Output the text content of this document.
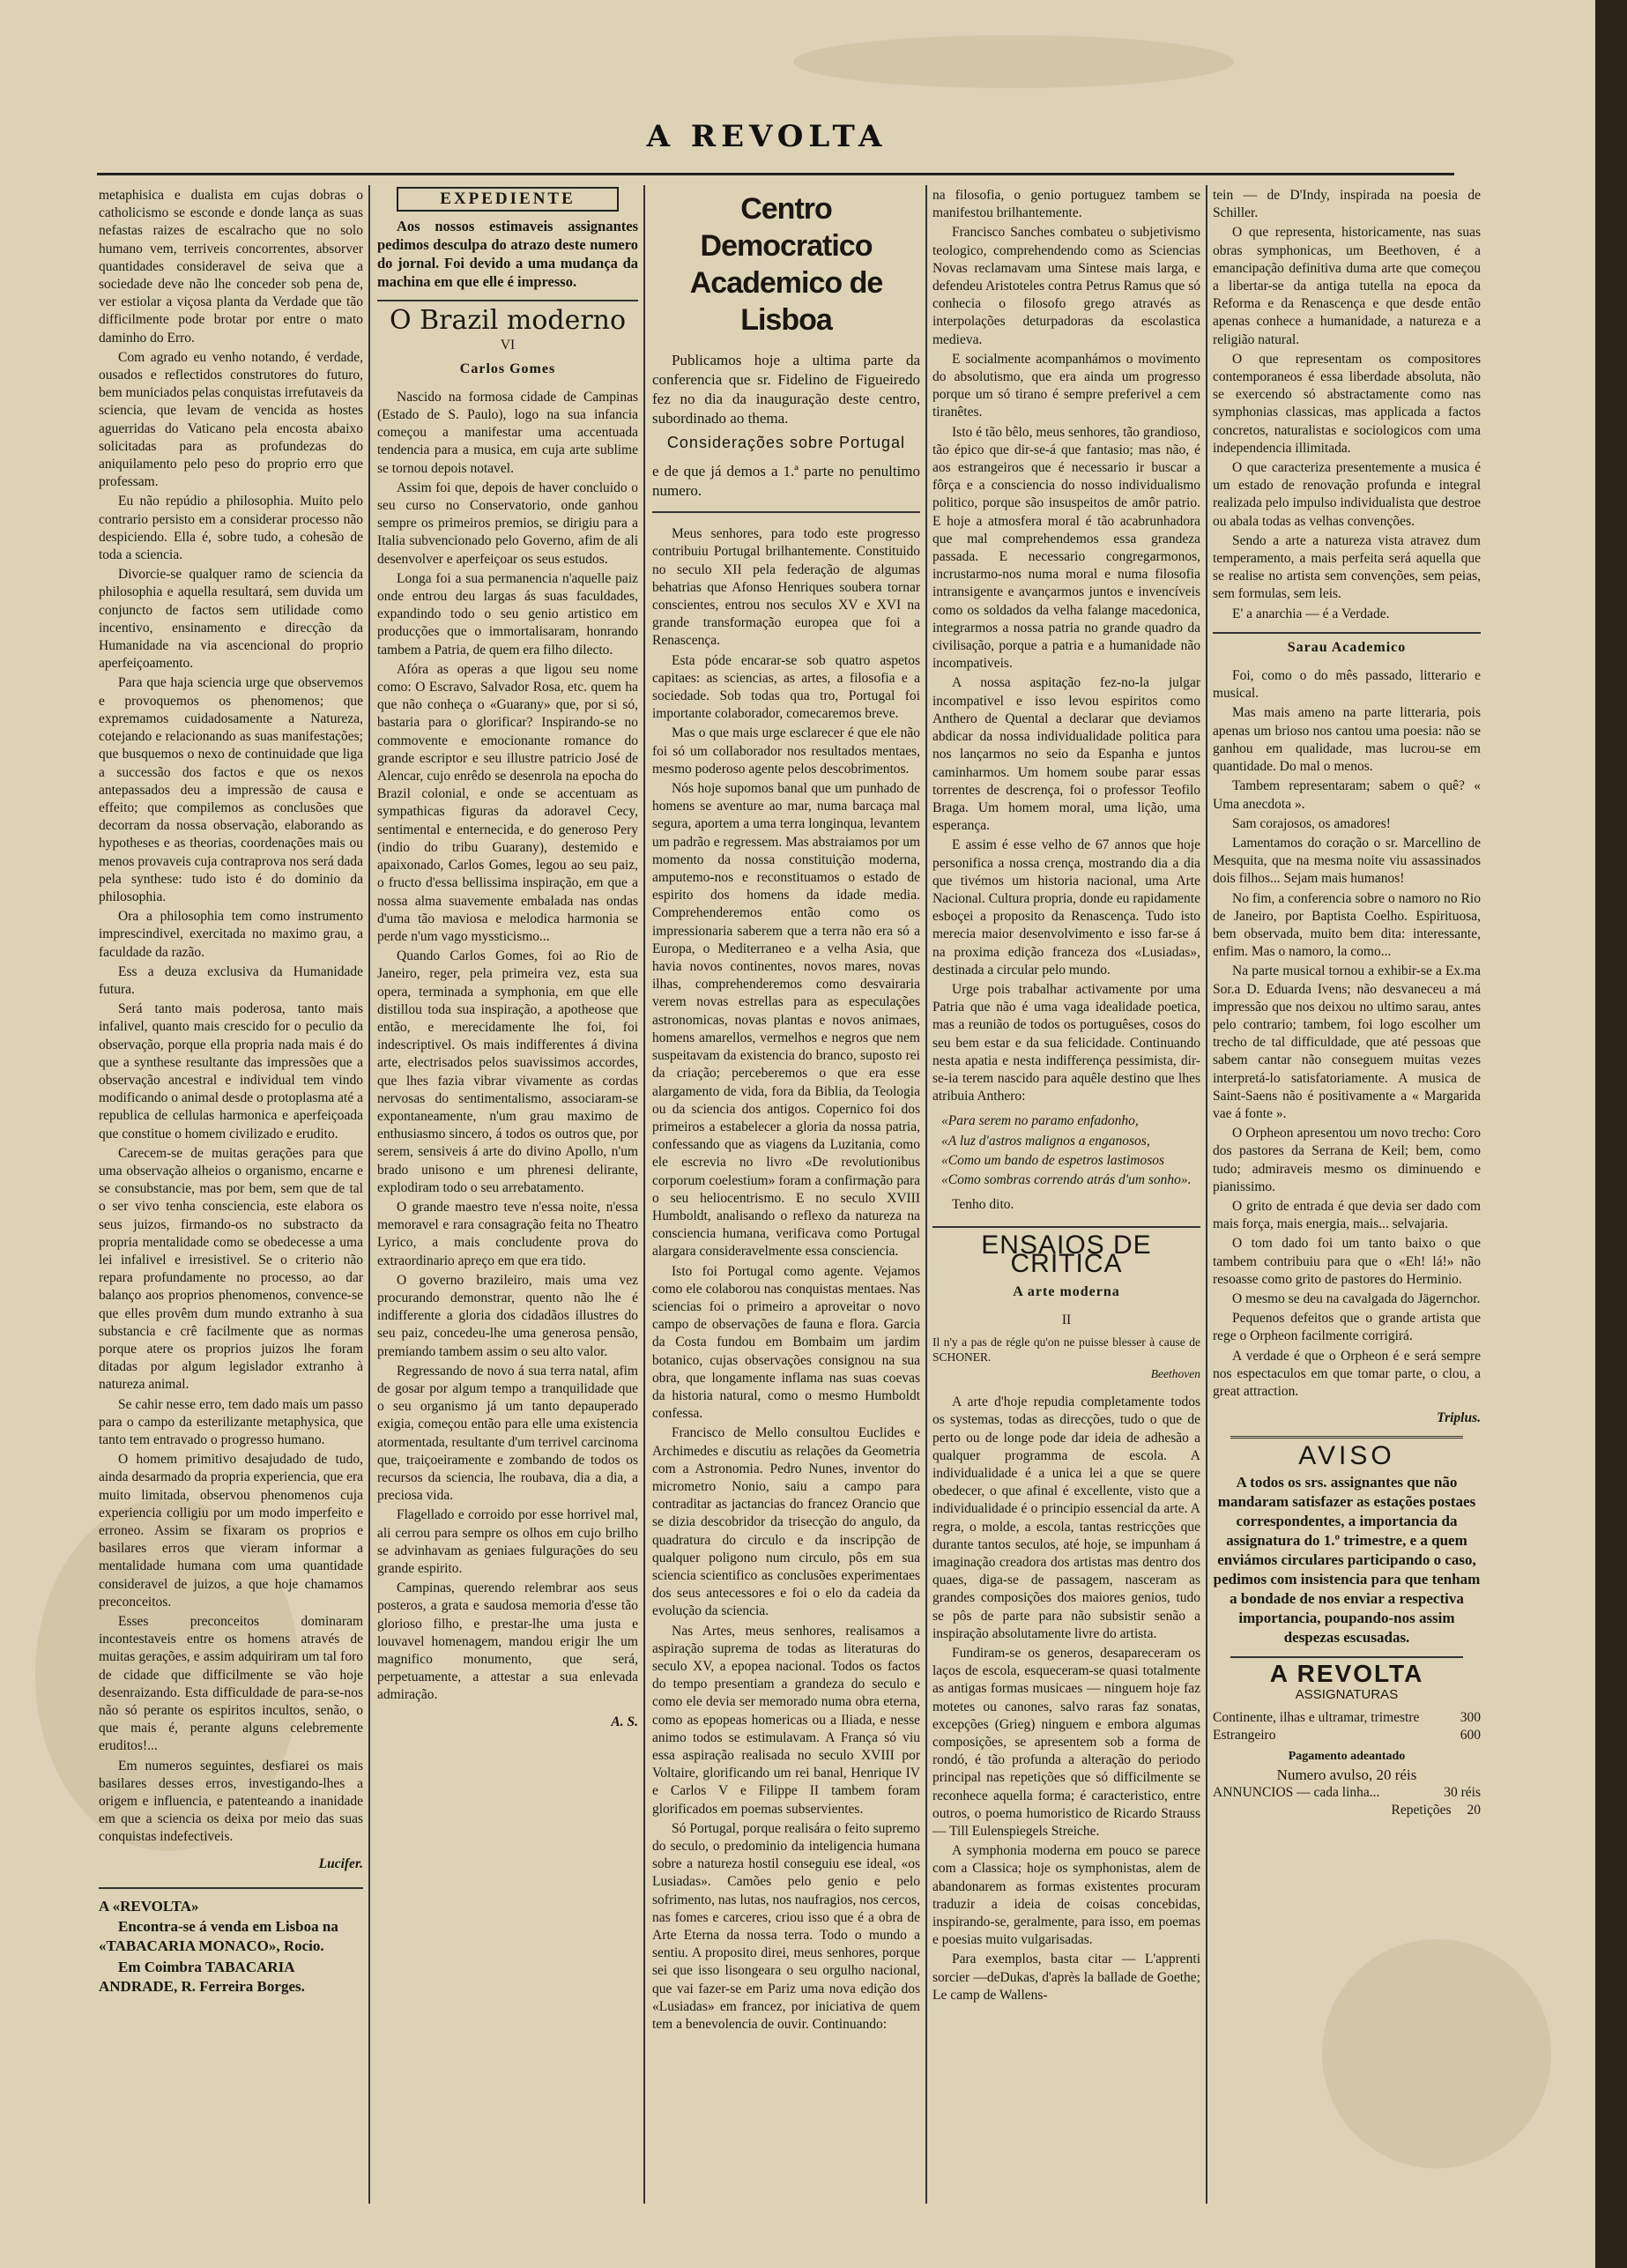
A REVOLTA

metaphisica e dualista em cujas dobras o catholicismo se esconde e donde lança as suas nefastas raizes de escalracho que no solo humano vem, terriveis concorrentes, absorver quantidades consideravel de seiva que a sociedade deve não lhe conceder sob pena de, ver estiolar a viçosa planta da Verdade que tão difficilmente pode brotar por entre o mato daminho do Erro.

Com agrado eu venho notando, é verdade, ousados e reflectidos construtores do futuro, bem municiados pelas conquistas irrefutaveis da sciencia, que levam de vencida as hostes aguerridas do Vaticano pela encosta abaixo solicitadas para as profundezas do aniquilamento pelo peso do proprio erro que professam.

Eu não repúdio a philosophia. Muito pelo contrario persisto em a considerar processo não despiciendo. Ella é, sobre tudo, a cohesão de toda a sciencia.

Divorcie-se qualquer ramo de sciencia da philosophia e aquella resultará, sem duvida um conjuncto de factos sem utilidade como incentivo, ensinamento e direcção da Humanidade na via ascencional do proprio aperfeiçoamento.

Para que haja sciencia urge que observemos e provoquemos os phenomenos; que expremamos cuidadosamente a Natureza, cotejando e relacionando as suas manifestações; que busquemos o nexo de continuidade que liga a successão dos factos e que os nexos antepassados deu a impressão de causa e effeito; que compilemos as conclusões que decorram da nossa observação, elaborando as hypotheses e as theorias, coordenações mais ou menos provaveis cuja contraprova nos será dada pela synthese: tudo isto é do dominio da philosophia.

Ora a philosophia tem como instrumento imprescindivel, exercitada no maximo grau, a faculdade da razão.

Ess a deuza exclusiva da Humanidade futura.

Será tanto mais poderosa, tanto mais infalivel, quanto mais crescido for o peculio da observação, porque ella propria nada mais é do que a synthese resultante das impressões que a observação ancestral e individual tem vindo modificando o animal desde o protoplasma até a republica de cellulas harmonica e aperfeiçoada que constitue o homem civilizado e erudito.

Carecem-se de muitas gerações para que uma observação alheios o organismo, encarne e se consubstancie, mas por bem, sem que de tal o ser vivo tenha consciencia, este elabora os seus juizos, firmando-os no substracto da propria mentalidade como se obedecesse a uma lei infalivel e irresistivel. Se o criterio não repara profundamente no processo, ao dar balanço aos proprios phenomenos, convence-se que elles provêm dum mundo extranho à sua substancia e crê facilmente que as normas porque atere os proprios juizos lhe foram ditadas por algum legislador extranho à natureza animal.

Se cahir nesse erro, tem dado mais um passo para o campo da esterilizante metaphysica, que tanto tem entravado o progresso humano.

O homem primitivo desajudado de tudo, ainda desarmado da propria experiencia, que era muito limitada, observou phenomenos cuja experiencia colligiu por um modo imperfeito e erroneo. Assim se fixaram os proprios e basilares erros que vieram informar a mentalidade humana com uma quantidade consideravel de juizos, a que hoje chamamos preconceitos.

Esses preconceitos dominaram incontestaveis entre os homens através de muitas gerações, e assim adquiriram um tal foro de cidade que difficilmente se vão hoje desenraizando. Esta difficuldade de para-se-nos não só perante os espiritos incultos, senão, o que mais é, perante alguns celebremente eruditos!...

Em numeros seguintes, desfiarei os mais basilares desses erros, investigando-lhes a origem e influencia, e patenteando a inanidade em que a sciencia os deixa por meio das suas conquistas indefectiveis.

Lucifer.

A «REVOLTA»

Encontra-se á venda em Lisboa na «TABACARIA MONACO», Rocio.

Em Coimbra TABACARIA ANDRADE, R. Ferreira Borges.

EXPEDIENTE

Aos nossos estimaveis assignantes pedimos desculpa do atrazo deste numero do jornal. Foi devido a uma mudança da machina em que elle é impresso.

O Brazil moderno
VI
Carlos Gomes

Nascido na formosa cidade de Campinas (Estado de S. Paulo), logo na sua infancia começou a manifestar uma accentuada tendencia para a musica, em cuja arte sublime se tornou depois notavel.

Assim foi que, depois de haver concluido o seu curso no Conservatorio, onde ganhou sempre os primeiros premios, se dirigiu para a Italia subvencionado pelo Governo, afim de ali desenvolver e aperfeiçoar os seus estudos.

Longa foi a sua permanencia n'aquelle paiz onde entrou deu largas ás suas faculdades, expandindo todo o seu genio artistico em producções que o immortalisaram, honrando tambem a Patria, de quem era filho dilecto.

Afóra as operas a que ligou seu nome como: O Escravo, Salvador Rosa, etc. quem ha que não conheça o «Guarany» que, por si só, bastaria para o glorificar? Inspirando-se no commovente e emocionante romance do grande escriptor e seu illustre patricio José de Alencar, cujo enrêdo se desenrola na epocha do Brazil colonial, e onde se accentuam as sympathicas figuras da adoravel Cecy, sentimental e enternecida, e do generoso Pery (indio do tribu Guarany), destemido e apaixonado, Carlos Gomes, legou ao seu paiz, o fructo d'essa bellissima inspiração, em que a nossa alma suavemente embalada nas ondas d'uma tão maviosa e melodica harmonia se perde n'um vago myssticismo...

Quando Carlos Gomes, foi ao Rio de Janeiro, reger, pela primeira vez, esta sua opera, terminada a symphonia, em que elle distillou toda sua inspiração, a apotheose que então, e merecidamente lhe foi, foi indescriptivel. Os mais indifferentes á divina arte, electrisados pelos suavissimos accordes, que lhes fazia vibrar vivamente as cordas nervosas do sentimentalismo, associaram-se expontaneamente, n'um grau maximo de enthusiasmo sincero, á todos os outros que, por serem, sensiveis á arte do divino Apollo, n'um brado unisono e um phrenesi delirante, explodiram todo o seu arrebatamento.

O grande maestro teve n'essa noite, n'essa memoravel e rara consagração feita no Theatro Lyrico, a mais concludente prova do extraordinario apreço em que era tido.

O governo brazileiro, mais uma vez procurando demonstrar, quento não lhe é indifferente a gloria dos cidadãos illustres do seu paiz, concedeu-lhe uma generosa pensão, premiando tambem assim o seu alto valor.

Regressando de novo á sua terra natal, afim de gosar por algum tempo a tranquilidade que o seu organismo já um tanto depauperado exigia, começou então para elle uma existencia atormentada, resultante d'um terrivel carcinoma que, traiçoeiramente e zombando de todos os recursos da sciencia, lhe roubava, dia a dia, a preciosa vida.

Flagellado e corroido por esse horrivel mal, ali cerrou para sempre os olhos em cujo brilho se advinhavam as geniaes fulgurações do seu grande espirito.

Campinas, querendo relembrar aos seus posteros, a grata e saudosa memoria d'esse tão glorioso filho, e prestar-lhe uma justa e louvavel homenagem, mandou erigir lhe um magnifico monumento, que será, perpetuamente, a attestar a sua enlevada admiração.

A. S.
Centro Democratico Academico de Lisboa

Publicamos hoje a ultima parte da conferencia que sr. Fidelino de Figueiredo fez no dia da inauguração deste centro, subordinado ao thema.

Considerações sobre Portugal

e de que já demos a 1.ª parte no penultimo numero.

Meus senhores, para todo este progresso contribuiu Portugal brilhantemente. Constituido no seculo XII pela federação de algumas behatrias que Afonso Henriques soubera tornar conscientes, entrou nos seculos XV e XVI na grande transformação europea que foi a Renascença.

Esta póde encarar-se sob quatro aspetos capitaes: as sciencias, as artes, a filosofia e a sociedade. Sob todas qua tro, Portugal foi importante colaborador, comecaremos breve.

Mas o que mais urge esclarecer é que ele não foi só um collaborador nos resultados mentaes, mesmo poderoso agente pelos descobrimentos.

Nós hoje supomos banal que um punhado de homens se aventure ao mar, numa barcaça mal segura, aportem a uma terra longinqua, levantem um padrão e regressem. Mas abstraiamos por um momento da nossa constituição moderna, amputemo-nos e reconstituamos o estado de espirito dos homens da idade media. Comprehenderemos então como os impressionaria saberem que a terra não era só a Europa, o Mediterraneo e a velha Asia, que havia novos continentes, novos mares, novas ilhas, comprehenderemos como desvairaria verem novas estrellas para as especulações astronomicas, novas plantas e novos animaes, homens amarellos, vermelhos e negros que nem suspeitavam da existencia do branco, suposto rei da criação; perceberemos o que era esse alargamento de vida, fora da Biblia, da Teologia ou da sciencia dos antigos. Copernico foi dos primeiros a estabelecer a gloria da nossa patria, confessando que as viagens da Luzitania, como ele escrevia no livro «De revolutionibus corporum coelestium» foram a confirmação para o seu heliocentrismo. E no seculo XVIII Humboldt, analisando o reflexo da natureza na consciencia humana, verificava como Portugal alargara consideravelmente essa consciencia.

Isto foi Portugal como agente. Vejamos como ele colaborou nas conquistas mentaes. Nas sciencias foi o primeiro a aproveitar o novo campo de observações de fauna e flora. Garcia da Costa fundou em Bombaim um jardim botanico, cujas observações consignou na sua obra, que longamente inflama nas suas coevas da historia natural, como o mesmo Humboldt confessa.

Francisco de Mello consultou Euclides e Archimedes e discutiu as relações da Geometria com a Astronomia. Pedro Nunes, inventor do micrometro Nonio, saiu a campo para contraditar as jactancias do francez Orancio que se dizia descobridor da trisecção do angulo, da quadratura do circulo e da inscripção de qualquer poligono num circulo, pôs em sua sciencia scientifico as conclusões experimentaes dos seus antecessores e foi o elo da cadeia da evolução da sciencia.

Nas Artes, meus senhores, realisamos a aspiração suprema de todas as literaturas do seculo XV, a epopea nacional. Todos os factos do tempo presentiam a grandeza do seculo e como ele devia ser memorado numa obra eterna, como as epopeas homericas ou a Iliada, e nesse animo todos se estimulavam. A França só viu essa aspiração realisada no seculo XVIII por Voltaire, glorificando um rei banal, Henrique IV e Carlos V e Filippe II tambem foram glorificados em poemas subservientes.

Só Portugal, porque realisára o feito supremo do seculo, o predominio da inteligencia humana sobre a natureza hostil conseguiu ese ideal, «os Lusiadas». Camões pelo genio e pelo sofrimento, nas lutas, nos naufragios, nos cercos, nas fomes e carceres, criou isso que é a obra de Arte Eterna da nossa terra. Todo o mundo a sentiu. A proposito direi, meus senhores, porque sei que isso lisongeara o seu orgulho nacional, que vai fazer-se em Pariz uma nova edição dos «Lusiadas» em francez, por iniciativa de quem tem a benevolencia de ouvir. Continuando:

na filosofia, o genio portuguez tambem se manifestou brilhantemente.

Francisco Sanches combateu o subjetivismo teologico, comprehendendo como as Sciencias Novas reclamavam uma Sintese mais larga, e defendeu Aristoteles contra Petrus Ramus que só conhecia o filosofo grego através as interpolações deturpadoras da escolastica medieva.

E socialmente acompanhámos o movimento do absolutismo, que era ainda um progresso porque um só tirano é sempre preferivel a cem tiranêtes.

Isto é tão bêlo, meus senhores, tão grandioso, tão épico que dir-se-á que fantasio; mas não, é aos estrangeiros que é necessario ir buscar a fôrça e a consciencia do nosso individualismo politico, porque são insuspeitos de amôr patrio. E hoje a atmosfera moral é tão acabrunhadora que mal comprehendemos essa grandeza passada. E necessario congregarmonos, incrustarmo-nos numa moral e numa filosofia intransigente e avançarmos juntos e invencíveis como os soldados da velha falange macedonica, integrarmos a nossa patria no grande quadro da civilisação, porque a patria e a humanidade não incompativeis.

A nossa aspitação fez-no-la julgar incompativel e isso levou espiritos como Anthero de Quental a declarar que deviamos abdicar da nossa individualidade politica para nos lançarmos no seio da Espanha e juntos caminharmos. Um homem soube parar essas torrentes de descrença, foi o professor Teofilo Braga. Um homem moral, uma lição, uma esperança.

E assim é esse velho de 67 annos que hoje personifica a nossa crença, mostrando dia a dia que tivémos um historia nacional, uma Arte Nacional. Cultura propria, donde eu rapidamente esboçei a proposito da Renascença. Tudo isto merecia maior desenvolvimento e isso far-se á na proxima edição franceza dos «Lusiadas», destinada a circular pelo mundo.

Urge pois trabalhar activamente por uma Patria que não é uma vaga idealidade poetica, mas a reunião de todos os portuguêses, cosos do seu bem estar e da sua felicidade. Continuando nesta apatia e nesta indifferença pessimista, dir-se-ia terem nascido para aquêle destino que lhes atribuia Anthero:

«Para serem no paramo enfadonho,

«A luz d'astros malignos a enganosos,

«Como um bando de espetros lastimosos

«Como sombras correndo atrás d'um sonho».

Tenho dito.

ENSAIOS DE CRITICA
A arte moderna
II

Il n'y a pas de régle qu'on ne puisse blesser à cause de SCHONER.

Beethoven

A arte d'hoje repudia completamente todos os systemas, todas as direcções, tudo o que de perto ou de longe pode dar ideia de adhesão a qualquer programma de escola. A individualidade é a unica lei a que se quere obedecer, o que afinal é excellente, visto que a individualidade é o principio essencial da arte. A regra, o molde, a escola, tantas restricções que durante tantos seculos, até hoje, se impunham á imaginação creadora dos artistas mas dentro dos quaes, diga-se de passagem, nasceram as grandes composições dos maiores genios, tudo se pôs de parte para não subsistir senão a inspiração absolutamente livre do artista.

Fundiram-se os generos, desapareceram os laços de escola, esqueceram-se quasi totalmente as antigas formas musicaes — ninguem hoje faz motetes ou canones, salvo raras faz sonatas, excepções (Grieg) ninguem e embora algumas composições, se apresentem sob a forma de rondó, é tão profunda a alteração do periodo principal nas repetições que só difficilmente se reconhece aquella forma; é caracteristico, entre outros, o poema humoristico de Ricardo Strauss — Till Eulenspiegels Streiche.

A symphonia moderna em pouco se parece com a Classica; hoje os symphonistas, alem de abandonarem as formas existentes procuram traduzir a ideia de coisas concebidas, inspirando-se, geralmente, para isso, em poemas e poesias muito vulgarisadas.

Para exemplos, basta citar — L'apprenti sorcier —deDukas, d'après la ballade de Goethe; Le camp de Wallens-

tein — de D'Indy, inspirada na poesia de Schiller.

O que representa, historicamente, nas suas obras symphonicas, um Beethoven, é a emancipação definitiva duma arte que começou a libertar-se da antiga tutella na epoca da Reforma e da Renascença e que desde então apenas conhece a humanidade, a natureza e a religião natural.

O que representam os compositores contemporaneos é essa liberdade absoluta, não se exercendo só abstractamente como nas symphonias classicas, mas applicada a factos concretos, naturalistas e sociologicos com uma independencia illimitada.

O que caracteriza presentemente a musica é um estado de renovação profunda e integral realizada pelo impulso individualista que destroe ou abala todas as velhas convenções.

Sendo a arte a natureza vista atravez dum temperamento, a mais perfeita será aquella que se realise no artista sem convenções, sem peias, sem formulas, sem leis.

E' a anarchia — é a Verdade.

Sarau Academico

Foi, como o do mês passado, litterario e musical.

Mas mais ameno na parte litteraria, pois apenas um brioso nos cantou uma poesia: não se ganhou em qualidade, mas lucrou-se em quantidade. Do mal o menos.

Tambem representaram; sabem o quê? « Uma anecdota ».

Sam corajosos, os amadores!

Lamentamos do coração o sr. Marcellino de Mesquita, que na mesma noite viu assassinados dois filhos... Sejam mais humanos!

No fim, a conferencia sobre o namoro no Rio de Janeiro, por Baptista Coelho. Espirituosa, bem observada, muito bem dita: interessante, enfim. Mas o namoro, la como...

Na parte musical tornou a exhibir-se a Ex.ma Sor.a D. Eduarda Ivens; não desvaneceu a má impressão que nos deixou no ultimo sarau, antes pelo contrario; tambem, foi logo escolher um trecho de tal difficuldade, que até pessoas que sabem cantar não conseguem muitas vezes interpretá-lo satisfatoriamente. A musica de Saint-Saens não é positivamente a « Margarida vae á fonte ».

O Orpheon apresentou um novo trecho: Coro dos pastores da Serrana de Keil; bem, como tudo; admiraveis mesmo os diminuendo e pianissimo.

O grito de entrada é que devia ser dado com mais força, mais energia, mais... selvajaria.

O tom dado foi um tanto baixo o que tambem contribuiu para que o «Eh! lá!» não resoasse como grito de pastores do Herminio.

O mesmo se deu na cavalgada do Jägernchor.

Pequenos defeitos que o grande artista que rege o Orpheon facilmente corrigirá.

A verdade é que o Orpheon é e será sempre nos espectaculos em que tomar parte, o clou, a great attraction.

Triplus.
AVISO

A todos os srs. assignantes que não mandaram satisfazer as estações postaes correspondentes, a importancia da assignatura do 1.º trimestre, e a quem enviámos circulares participando o caso, pedimos com insistencia para que tenham a bondade de nos enviar a respectiva importancia, poupando-nos assim despezas escusadas.

A REVOLTA
ASSIGNATURAS
Continente, ilhas e ultramar, trimestre	300
Estrangeiro	600
Pagamento adeantado
Numero avulso, 20 réis
ANNUNCIOS — cada linha...	30 réis
Repetições 20
